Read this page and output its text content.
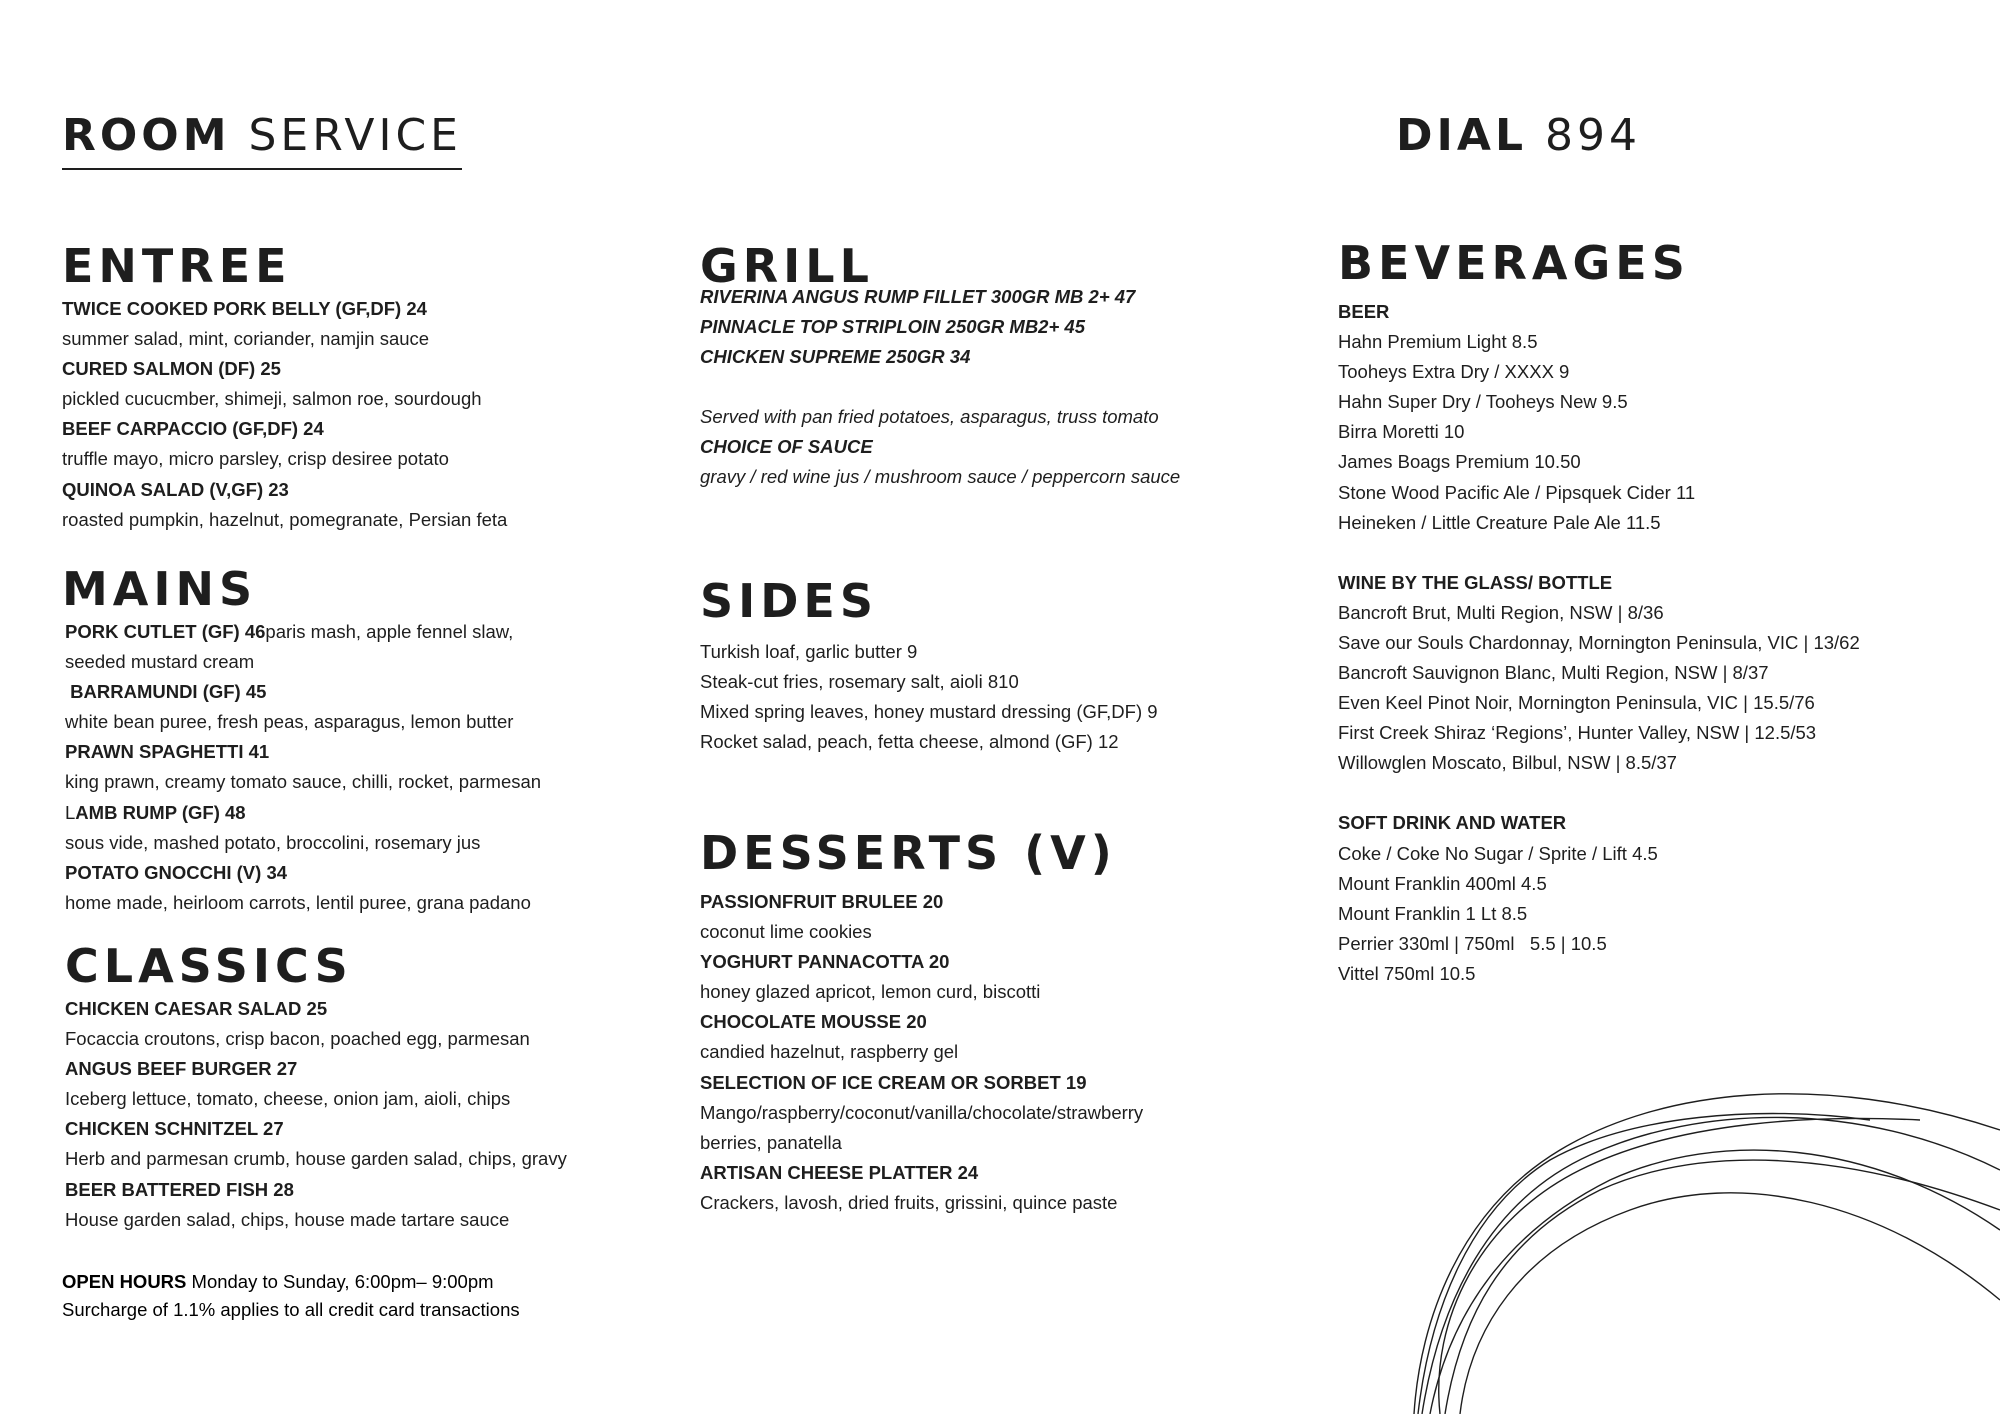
ROOM SERVICE	DIAL 894
ENTREE
TWICE COOKED PORK BELLY (GF,DF) 24
summer salad, mint, coriander, namjin sauce
CURED SALMON (DF) 25
pickled cucucmber, shimeji, salmon roe, sourdough
BEEF CARPACCIO (GF,DF) 24
truffle mayo, micro parsley, crisp desiree potato
QUINOA SALAD (V,GF) 23
roasted pumpkin, hazelnut, pomegranate, Persian feta
MAINS
PORK CUTLET (GF) 46paris mash, apple fennel slaw,
seeded mustard cream
BARRAMUNDI (GF) 45
white bean puree, fresh peas, asparagus, lemon butter
PRAWN SPAGHETTI 41
king prawn, creamy tomato sauce, chilli, rocket, parmesan
LAMB RUMP (GF) 48
sous vide, mashed potato, broccolini, rosemary jus
POTATO GNOCCHI (V) 34
home made, heirloom carrots, lentil puree, grana padano
CLASSICS
CHICKEN CAESAR SALAD 25
Focaccia croutons, crisp bacon, poached egg, parmesan
ANGUS BEEF BURGER 27
Iceberg lettuce, tomato, cheese, onion jam, aioli, chips
CHICKEN SCHNITZEL 27
Herb and parmesan crumb, house garden salad, chips, gravy
BEER BATTERED FISH 28
House garden salad, chips, house made tartare sauce
OPEN HOURS Monday to Sunday, 6:00pm– 9:00pm
Surcharge of 1.1% applies to all credit card transactions
GRILL
RIVERINA ANGUS RUMP FILLET 300GR MB 2+ 47
PINNACLE TOP STRIPLOIN 250GR MB2+ 45
CHICKEN SUPREME 250GR 34
Served with pan fried potatoes, asparagus, truss tomato
CHOICE OF SAUCE
gravy / red wine jus / mushroom sauce / peppercorn sauce
SIDES
Turkish loaf, garlic butter 9
Steak-cut fries, rosemary salt, aioli 810
Mixed spring leaves, honey mustard dressing (GF,DF) 9
Rocket salad, peach, fetta cheese, almond (GF) 12
DESSERTS (V)
PASSIONFRUIT BRULEE 20
coconut lime cookies
YOGHURT PANNACOTTA 20
honey glazed apricot, lemon curd, biscotti
CHOCOLATE MOUSSE 20
candied hazelnut, raspberry gel
SELECTION OF ICE CREAM OR SORBET 19
Mango/raspberry/coconut/vanilla/chocolate/strawberry
berries, panatella
ARTISAN CHEESE PLATTER 24
Crackers, lavosh, dried fruits, grissini, quince paste
BEVERAGES
BEER
Hahn Premium Light 8.5
Tooheys Extra Dry / XXXX 9
Hahn Super Dry / Tooheys New 9.5
Birra Moretti 10
James Boags Premium 10.50
Stone Wood Pacific Ale / Pipsquek Cider 11
Heineken / Little Creature Pale Ale 11.5
WINE BY THE GLASS/ BOTTLE
Bancroft Brut, Multi Region, NSW | 8/36
Save our Souls Chardonnay, Mornington Peninsula, VIC | 13/62
Bancroft Sauvignon Blanc, Multi Region, NSW | 8/37
Even Keel Pinot Noir, Mornington Peninsula, VIC | 15.5/76
First Creek Shiraz ‘Regions’, Hunter Valley, NSW | 12.5/53
Willowglen Moscato, Bilbul, NSW | 8.5/37
SOFT DRINK AND WATER
Coke / Coke No Sugar / Sprite / Lift 4.5
Mount Franklin 400ml 4.5
Mount Franklin 1 Lt 8.5
Perrier 330ml | 750ml   5.5 | 10.5
Vittel 750ml 10.5
